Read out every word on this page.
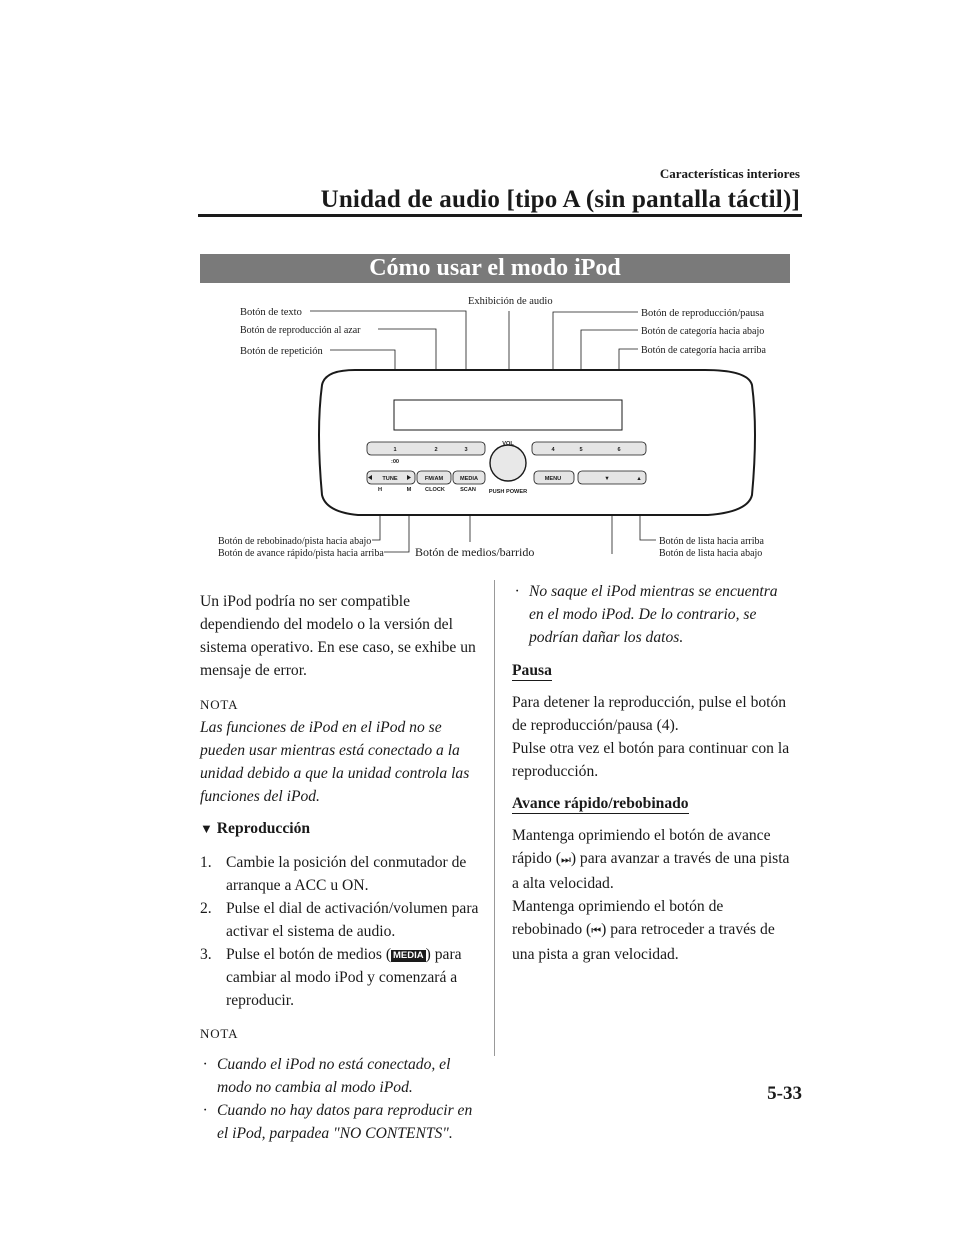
Características interiores
Unidad de audio [tipo A (sin pantalla táctil)]
Cómo usar el modo iPod
Botón de texto
Botón de reproducción al azar
Botón de repetición
Exhibición de audio
Botón de reproducción/pausa
Botón de categoría hacia abajo
Botón de categoría hacia arriba
Botón de rebobinado/pista hacia abajo
Botón de avance rápido/pista hacia arriba	Botón de medios/barrido
Botón de lista hacia arriba
Botón de lista hacia abajo
1	2	3	4	5	6
:00
VOL
PUSH POWER
TUNE	FM/AM	MEDIA	MENU	▼	▲
H	M CLOCK	SCAN

Un iPod podría no ser compatible dependiendo del modelo o la versión del sistema operativo. En ese caso, se exhibe un mensaje de error.

NOTA

Las funciones de iPod en el iPod no se pueden usar mientras está conectado a la unidad debido a que la unidad controla las funciones del iPod.

▼ Reproducción

1. Cambie la posición del conmutador de arranque a ACC u ON.
2. Pulse el dial de activación/volumen para activar el sistema de audio.
3. Pulse el botón de medios ( MEDIA ) para cambiar al modo iPod y comenzará a reproducir.

NOTA

· Cuando el iPod no está conectado, el modo no cambia al modo iPod.
· Cuando no hay datos para reproducir en el iPod, parpadea "NO CONTENTS".
· No saque el iPod mientras se encuentra en el modo iPod. De lo contrario, se podrían dañar los datos.

Pausa

Para detener la reproducción, pulse el botón de reproducción/pausa (4).

Pulse otra vez el botón para continuar con la reproducción.

Avance rápido/rebobinado

Mantenga oprimiendo el botón de avance rápido (⏭) para avanzar a través de una pista a alta velocidad.

Mantenga oprimiendo el botón de rebobinado (⏮) para retroceder a través de una pista a gran velocidad.

5-33
